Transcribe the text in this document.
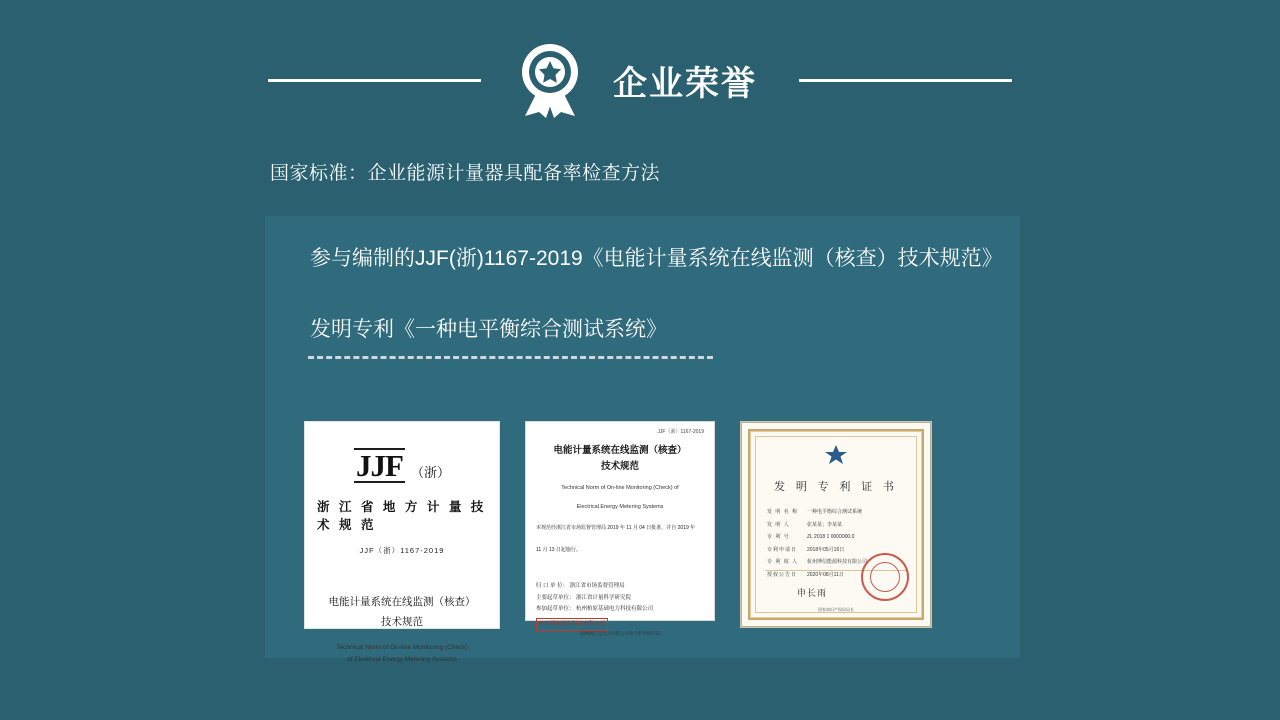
企业荣誉
国家标准：企业能源计量器具配备率检查方法
参与编制的JJF(浙)1167-2019《电能计量系统在线监测（核查）技术规范》
发明专利《一种电平衡综合测试系统》
JJF （浙）
浙 江 省 地 方 计 量 技 术 规 范
JJF（浙）1167-2019
电能计量系统在线监测（核查）
技术规范
Technical Norm of On-line Monitoring (Check)
of Electrical Energy Metering Systems
JJF（浙）1167-2019
电能计量系统在线监测（核查）
技术规范
Technical Norm of On-line Monitoring (Check) of
Electrical Energy Metering Systems
本规范经浙江省市场监督管理局 2019 年 11 月 04 日批准，并自 2019 年
11 月 13 日起施行。
归 口 单 位： 浙江省市场监督管理局
主要起草单位： 浙江省计量科学研究院
参加起草单位： 杭州柏原基础电力科技有限公司
杭州博信能源科技有限公司
国网浙江省电力有限公司电力科学研究院
发 明 专 利 证 书
发 明 名 称	一种电平衡综合测试系统
发 明 人	张某某；李某某
专 利 号	ZL 2018 1 0000000.0
专利申请日	2018年05月16日
专 利 权 人	杭州博信能源科技有限公司
授权公告日	2020年08月11日
申长雨
国家知识产权局局长
